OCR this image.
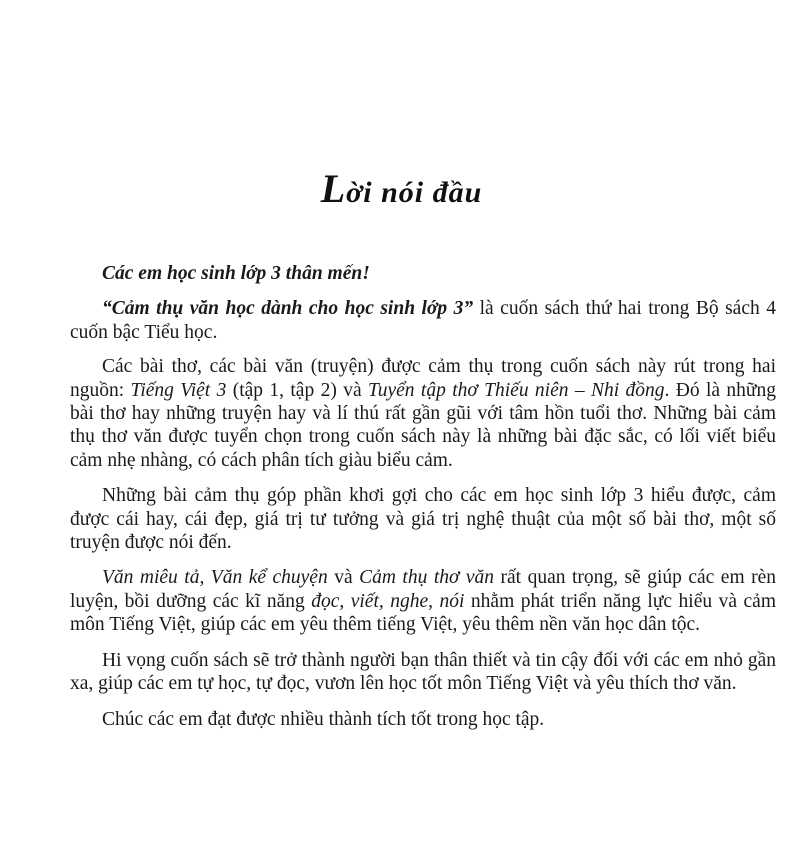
Lời nói đầu

Các em học sinh lớp 3 thân mến!

“Cảm thụ văn học dành cho học sinh lớp 3” là cuốn sách thứ hai trong Bộ sách 4 cuốn bậc Tiểu học.

Các bài thơ, các bài văn (truyện) được cảm thụ trong cuốn sách này rút trong hai nguồn: Tiếng Việt 3 (tập 1, tập 2) và Tuyển tập thơ Thiếu niên – Nhi đồng. Đó là những bài thơ hay những truyện hay và lí thú rất gần gũi với tâm hồn tuổi thơ. Những bài cảm thụ thơ văn được tuyển chọn trong cuốn sách này là những bài đặc sắc, có lối viết biểu cảm nhẹ nhàng, có cách phân tích giàu biểu cảm.

Những bài cảm thụ góp phần khơi gợi cho các em học sinh lớp 3 hiểu được, cảm được cái hay, cái đẹp, giá trị tư tưởng và giá trị nghệ thuật của một số bài thơ, một số truyện được nói đến.

Văn miêu tả, Văn kể chuyện và Cảm thụ thơ văn rất quan trọng, sẽ giúp các em rèn luyện, bồi dưỡng các kĩ năng đọc, viết, nghe, nói nhằm phát triển năng lực hiểu và cảm môn Tiếng Việt, giúp các em yêu thêm tiếng Việt, yêu thêm nền văn học dân tộc.

Hi vọng cuốn sách sẽ trở thành người bạn thân thiết và tin cậy đối với các em nhỏ gần xa, giúp các em tự học, tự đọc, vươn lên học tốt môn Tiếng Việt và yêu thích thơ văn.

Chúc các em đạt được nhiều thành tích tốt trong học tập.
